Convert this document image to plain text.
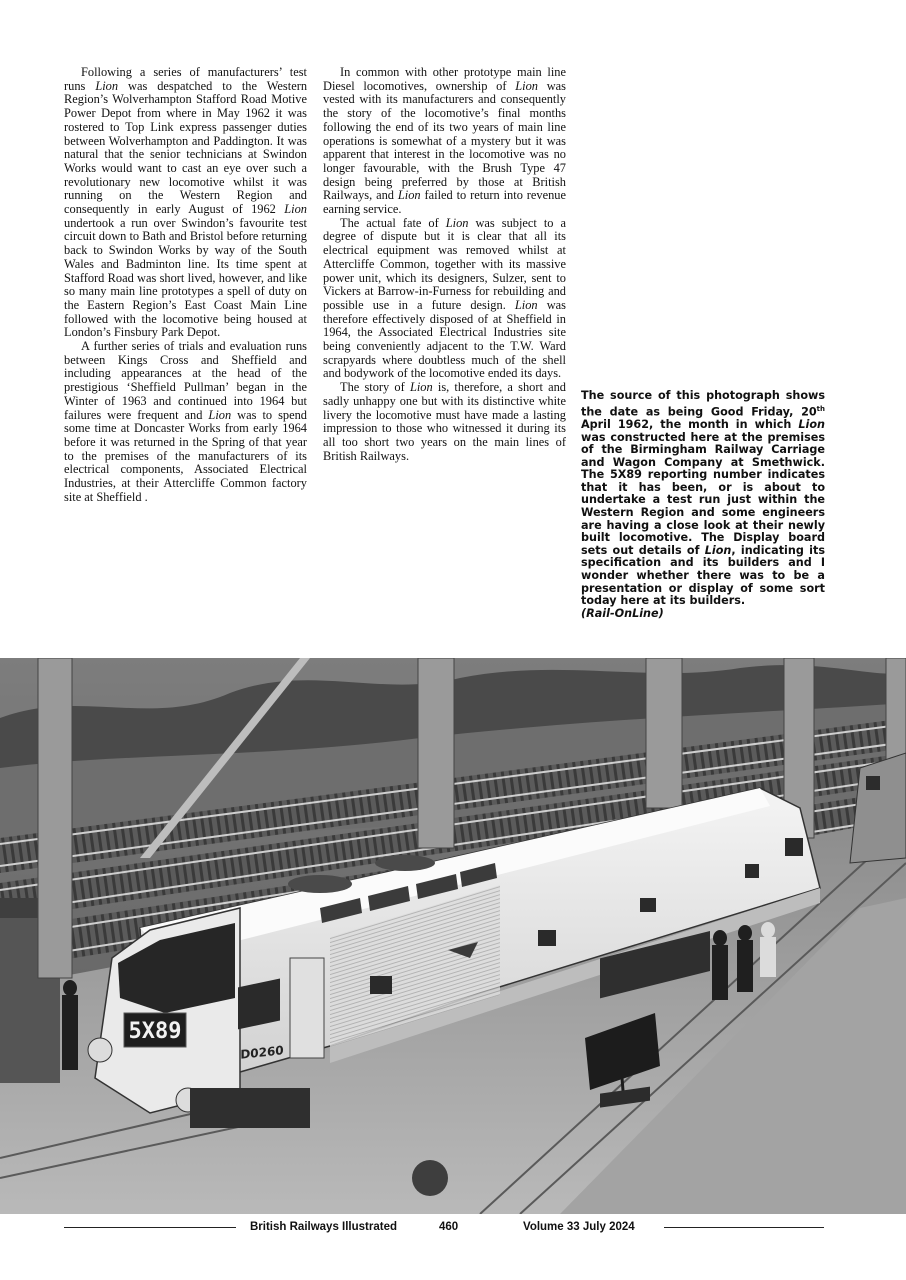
Following a series of manufacturers’ test runs Lion was despatched to the Western Region’s Wolverhampton Stafford Road Motive Power Depot from where in May 1962 it was rostered to Top Link express passenger duties between Wolverhampton and Paddington. It was natural that the senior technicians at Swindon Works would want to cast an eye over such a revolutionary new locomotive whilst it was running on the Western Region and consequently in early August of 1962 Lion undertook a run over Swindon’s favourite test circuit down to Bath and Bristol before returning back to Swindon Works by way of the South Wales and Badminton line. Its time spent at Stafford Road was short lived, however, and like so many main line prototypes a spell of duty on the Eastern Region’s East Coast Main Line followed with the locomotive being housed at London’s Finsbury Park Depot.

A further series of trials and evaluation runs between Kings Cross and Sheffield and including appearances at the head of the prestigious ‘Sheffield Pullman’ began in the Winter of 1963 and continued into 1964 but failures were frequent and Lion was to spend some time at Doncaster Works from early 1964 before it was returned in the Spring of that year to the premises of the manufacturers of its electrical components, Associated Electrical Industries, at their Attercliffe Common factory site at Sheffield .

In common with other prototype main line Diesel locomotives, ownership of Lion was vested with its manufacturers and consequently the story of the locomotive’s final months following the end of its two years of main line operations is somewhat of a mystery but it was apparent that interest in the locomotive was no longer favourable, with the Brush Type 47 design being preferred by those at British Railways, and Lion failed to return into revenue earning service.

The actual fate of Lion was subject to a degree of dispute but it is clear that all its electrical equipment was removed whilst at Attercliffe Common, together with its massive power unit, which its designers, Sulzer, sent to Vickers at Barrow-in-Furness for rebuilding and possible use in a future design. Lion was therefore effectively disposed of at Sheffield in 1964, the Associated Electrical Industries site being conveniently adjacent to the T.W. Ward scrapyards where doubtless much of the shell and bodywork of the locomotive ended its days.

The story of Lion is, therefore, a short and sadly unhappy one but with its distinctive white livery the locomotive must have made a lasting impression to those who witnessed it during its all too short two years on the main lines of British Railways.

The source of this photograph shows the date as being Good Friday, 20th April 1962, the month in which Lion was constructed here at the premises of the Birmingham Railway Carriage and Wagon Company at Smethwick. The 5X89 reporting number indicates that it has been, or is about to undertake a test run just within the Western Region and some engineers are having a close look at their newly built locomotive. The Display board sets out details of Lion, indicating its specification and its builders and I wonder whether there was to be a presentation or display of some sort today here at its builders.
(Rail-OnLine)

5X89
D0260
British Railways Illustrated	460	Volume 33 July 2024
